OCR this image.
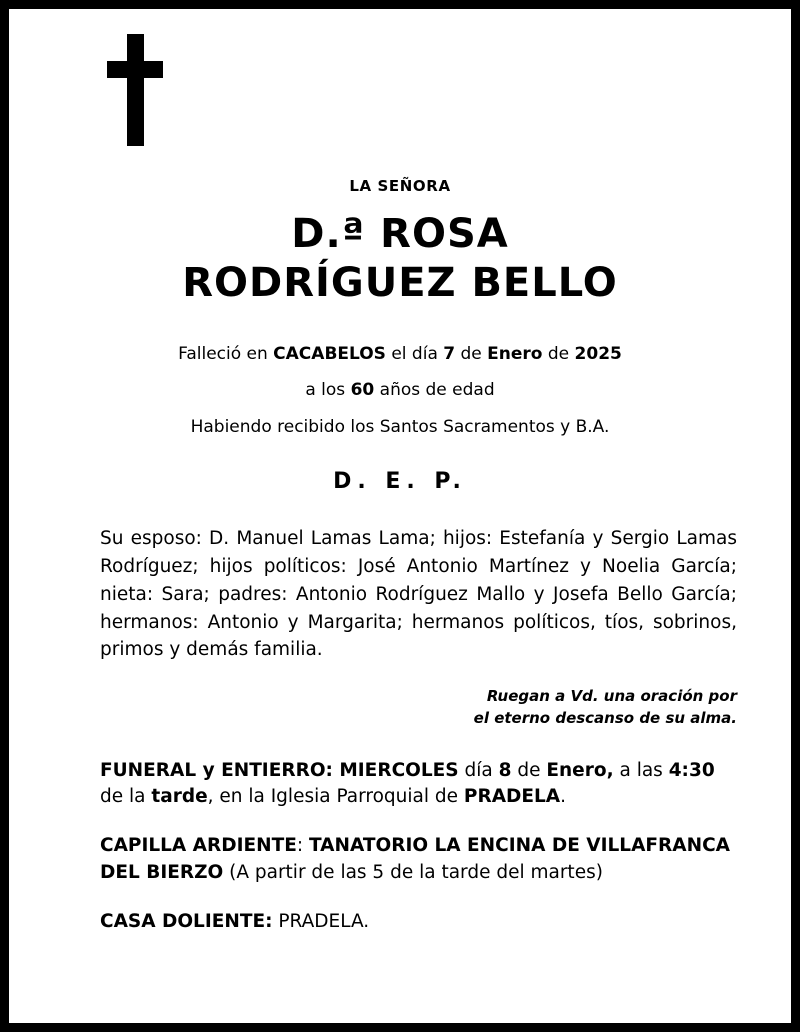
LA SEÑORA
D.ª ROSA
RODRÍGUEZ BELLO
Falleció en CACABELOS el día 7 de Enero de 2025
a los 60 años de edad
Habiendo recibido los Santos Sacramentos y B.A.
D. E. P.
Su esposo: D. Manuel Lamas Lama; hijos: Estefanía y Sergio Lamas Rodríguez; hijos políticos: José Antonio Martínez y Noelia García; nieta: Sara; padres: Antonio Rodríguez Mallo y Josefa Bello García; hermanos: Antonio y Margarita; hermanos políticos, tíos, sobrinos, primos y demás familia.
Ruegan a Vd. una oración por
el eterno descanso de su alma.
FUNERAL y ENTIERRO: MIERCOLES día 8 de Enero, a las 4:30 de la tarde, en la Iglesia Parroquial de PRADELA.
CAPILLA ARDIENTE: TANATORIO LA ENCINA DE VILLAFRANCA DEL BIERZO (A partir de las 5 de la tarde del martes)
CASA DOLIENTE: PRADELA.
